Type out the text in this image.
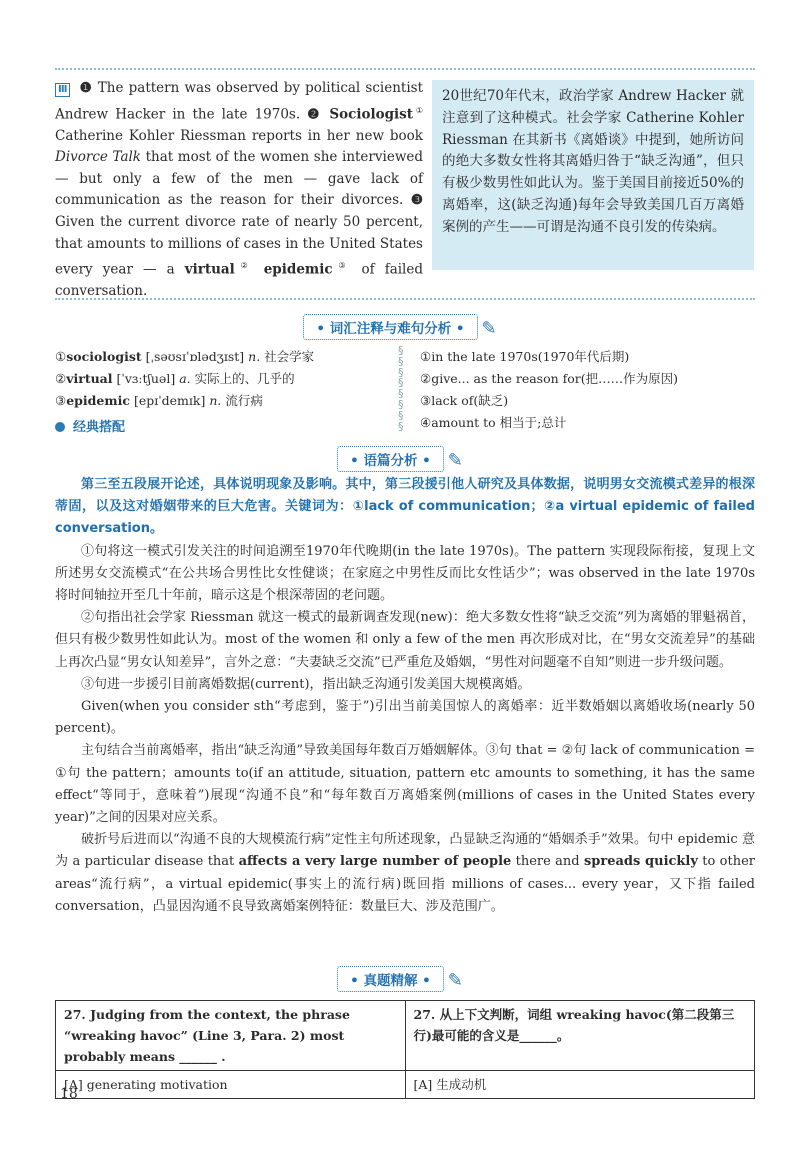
Ⅲ ❶ The pattern was observed by political scientist Andrew Hacker in the late 1970s. ❷ Sociologist① Catherine Kohler Riessman reports in her new book Divorce Talk that most of the women she interviewed — but only a few of the men — gave lack of communication as the reason for their divorces. ❸ Given the current divorce rate of nearly 50 percent, that amounts to millions of cases in the United States every year — a virtual② epidemic③ of failed conversation.
20世纪70年代末，政治学家 Andrew Hacker 就注意到了这种模式。社会学家 Catherine Kohler Riessman 在其新书《离婚谈》中提到，她所访问的绝大多数女性将其离婚归咎于“缺乏沟通”，但只有极少数男性如此认为。鉴于美国目前接近50%的离婚率，这(缺乏沟通)每年会导致美国几百万离婚案例的产生——可谓是沟通不良引发的传染病。
• 词汇注释与难句分析 • ✎
①sociologist [ˌsəʊsɪˈɒlədʒɪst] n. 社会学家
②virtual [ˈvɜːtʃuəl] a. 实际上的、几乎的
③epidemic [epɪˈdemɪk] n. 流行病
§
§
§
§
§
§
§
§
①in the late 1970s(1970年代后期)
②give... as the reason for(把……作为原因)
③lack of(缺乏)
④amount to 相当于;总计
经典搭配
• 语篇分析 • ✎

第三至五段展开论述，具体说明现象及影响。其中，第三段援引他人研究及具体数据，说明男女交流模式差异的根深蒂固，以及这对婚姻带来的巨大危害。关键词为：①lack of communication；②a virtual epidemic of failed conversation。

①句将这一模式引发关注的时间追溯至1970年代晚期(in the late 1970s)。The pattern 实现段际衔接，复现上文所述男女交流模式“在公共场合男性比女性健谈；在家庭之中男性反而比女性话少”；was observed in the late 1970s 将时间轴拉开至几十年前，暗示这是个根深蒂固的老问题。

②句指出社会学家 Riessman 就这一模式的最新调查发现(new)：绝大多数女性将“缺乏交流”列为离婚的罪魁祸首，但只有极少数男性如此认为。most of the women 和 only a few of the men 再次形成对比，在“男女交流差异”的基础上再次凸显“男女认知差异”，言外之意：“夫妻缺乏交流”已严重危及婚姻，“男性对问题毫不自知”则进一步升级问题。

③句进一步援引目前离婚数据(current)，指出缺乏沟通引发美国大规模离婚。

Given(when you consider sth“考虑到，鉴于”)引出当前美国惊人的离婚率：近半数婚姻以离婚收场(nearly 50 percent)。

主句结合当前离婚率，指出“缺乏沟通”导致美国每年数百万婚姻解体。③句 that = ②句 lack of communication = ①句 the pattern；amounts to(if an attitude, situation, pattern etc amounts to something, it has the same effect“等同于，意味着”)展现“沟通不良”和“每年数百万离婚案例(millions of cases in the United States every year)”之间的因果对应关系。

破折号后进而以“沟通不良的大规模流行病”定性主句所述现象，凸显缺乏沟通的“婚姻杀手”效果。句中 epidemic 意为 a particular disease that affects a very large number of people there and spreads quickly to other areas“流行病”，a virtual epidemic(事实上的流行病)既回指 millions of cases... every year，又下指 failed conversation，凸显因沟通不良导致离婚案例特征：数量巨大、涉及范围广。

• 真题精解 • ✎
27. Judging from the context, the phrase “wreaking havoc” (Line 3, Para. 2) most probably means ______ .	27. 从上下文判断，词组 wreaking havoc(第二段第三行)最可能的含义是______。
[A] generating motivation	[A] 生成动机
18
